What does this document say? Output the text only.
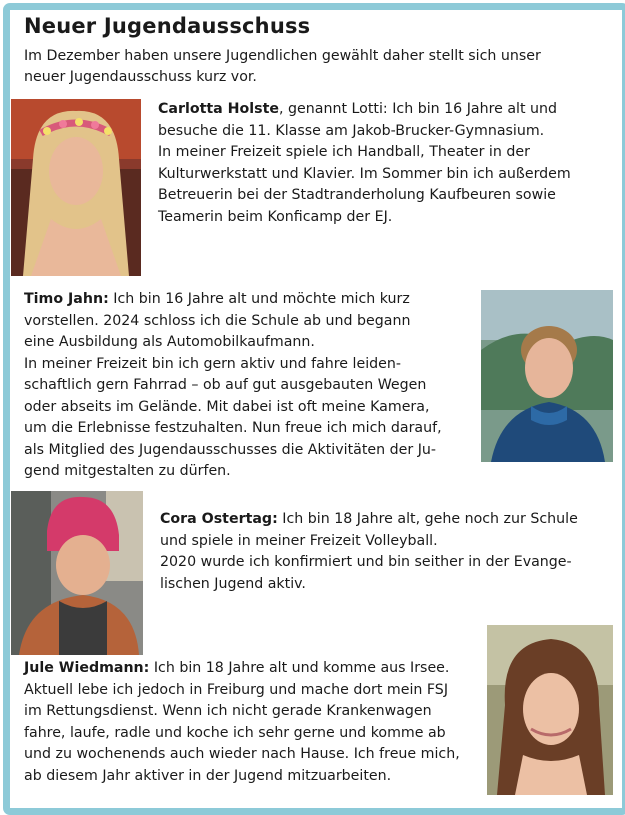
Neuer Jugendausschuss
Im Dezember haben unsere Jugendlichen gewählt daher stellt sich unser
neuer Jugendausschuss kurz vor.
Carlotta Holste, genannt Lotti: Ich bin 16 Jahre alt und
besuche die 11. Klasse am Jakob-Brucker-Gymnasium.
In meiner Freizeit spiele ich Handball, Theater in der
Kulturwerkstatt und Klavier. Im Sommer bin ich außerdem
Betreuerin bei der Stadtranderholung Kaufbeuren sowie
Teamerin beim Konficamp der EJ.
Timo Jahn: Ich bin 16 Jahre alt und möchte mich kurz
vorstellen. 2024 schloss ich die Schule ab und begann
eine Ausbildung als Automobilkaufmann.
In meiner Freizeit bin ich gern aktiv und fahre leiden-
schaftlich gern Fahrrad – ob auf gut ausgebauten Wegen
oder abseits im Gelände. Mit dabei ist oft meine Kamera,
um die Erlebnisse festzuhalten. Nun freue ich mich darauf,
als Mitglied des Jugendausschusses die Aktivitäten der Ju-
gend mitgestalten zu dürfen.
Cora Ostertag: Ich bin 18 Jahre alt, gehe noch zur Schule
und spiele in meiner Freizeit Volleyball.
2020 wurde ich konfirmiert und bin seither in der Evange-
lischen Jugend aktiv.
Jule Wiedmann: Ich bin 18 Jahre alt und komme aus Irsee.
Aktuell lebe ich jedoch in Freiburg und mache dort mein FSJ
im Rettungsdienst. Wenn ich nicht gerade Krankenwagen
fahre, laufe, radle und koche ich sehr gerne und komme ab
und zu wochenends auch wieder nach Hause. Ich freue mich,
ab diesem Jahr aktiver in der Jugend mitzuarbeiten.
